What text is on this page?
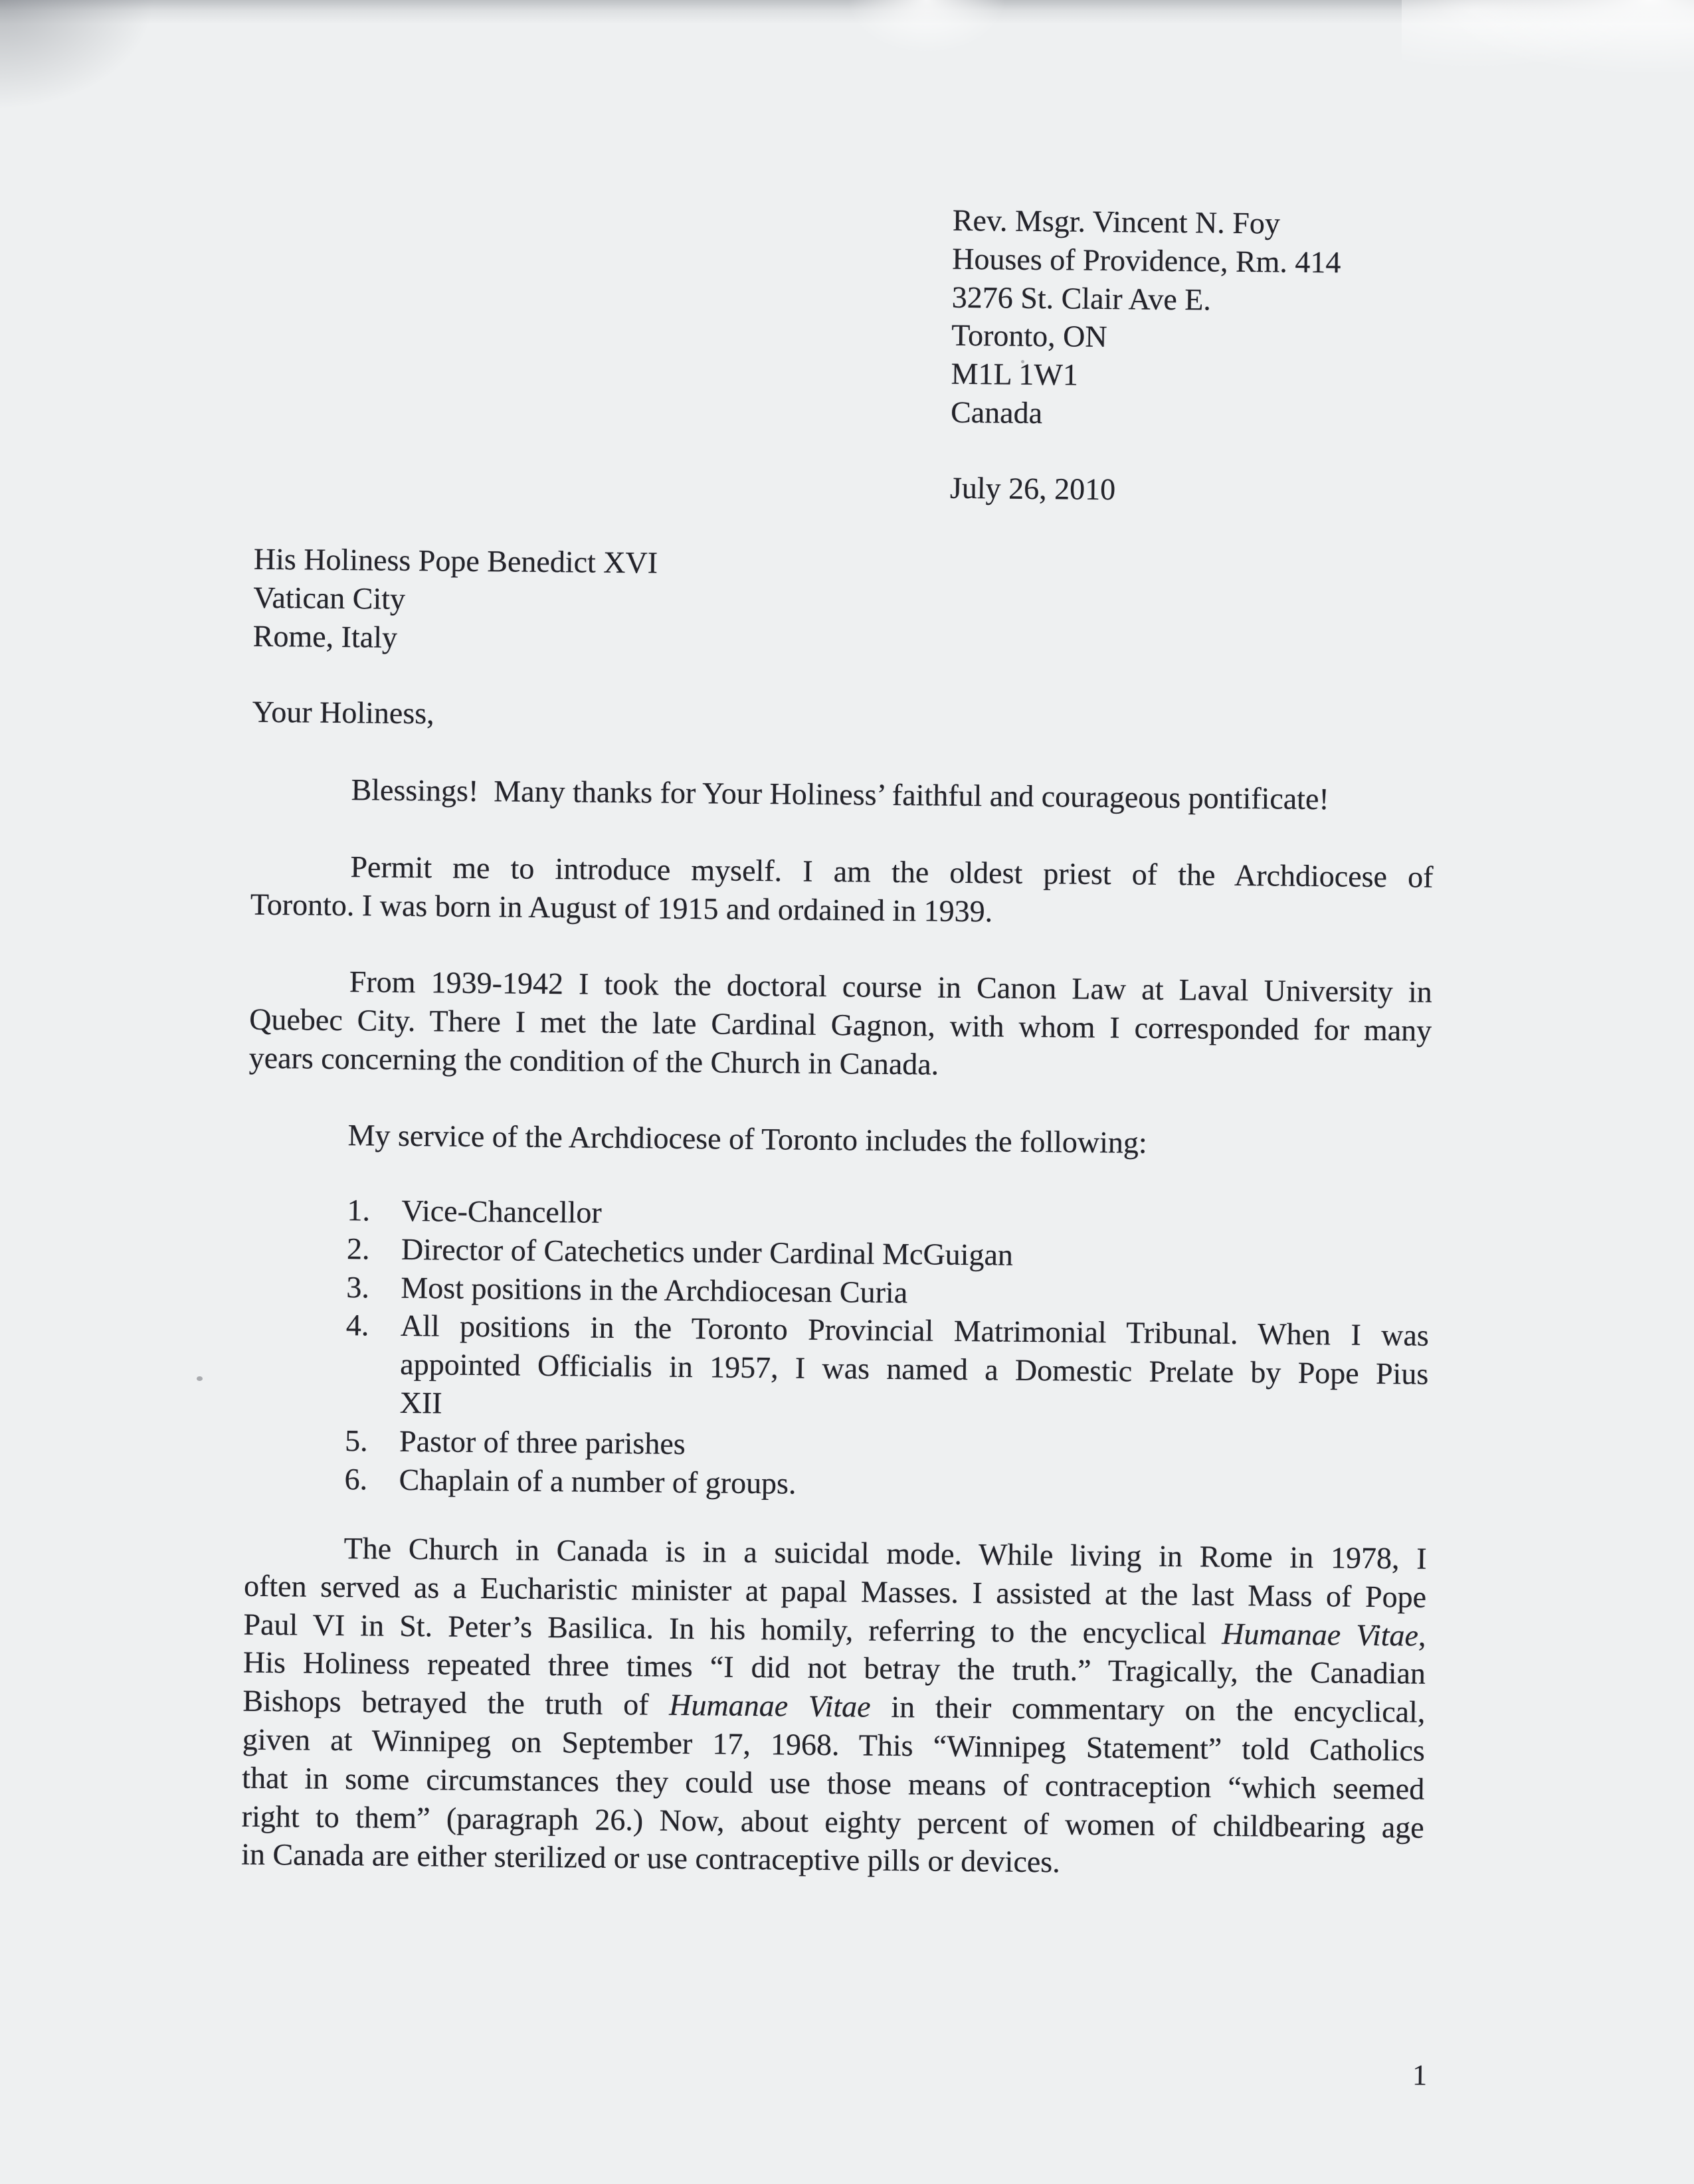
Rev. Msgr. Vincent N. Foy
Houses of Providence, Rm. 414
3276 St. Clair Ave E.
Toronto, ON
M1L 1W1
Canada
July 26, 2010
His Holiness Pope Benedict XVI
Vatican City
Rome, Italy
Your Holiness,
Blessings!  Many thanks for Your Holiness’ faithful and courageous pontificate!
Permit me to introduce myself. I am the oldest priest of the Archdiocese of
Toronto. I was born in August of 1915 and ordained in 1939.
From 1939-1942 I took the doctoral course in Canon Law at Laval University in
Quebec City. There I met the late Cardinal Gagnon, with whom I corresponded for many
years concerning the condition of the Church in Canada.
My service of the Archdiocese of Toronto includes the following:
1. Vice-Chancellor
2. Director of Catechetics under Cardinal McGuigan
3. Most positions in the Archdiocesan Curia
4. All positions in the Toronto Provincial Matrimonial Tribunal. When I was
appointed Officialis in 1957, I was named a Domestic Prelate by Pope Pius
XII
5. Pastor of three parishes
6. Chaplain of a number of groups.
The Church in Canada is in a suicidal mode. While living in Rome in 1978, I
often served as a Eucharistic minister at papal Masses. I assisted at the last Mass of Pope
Paul VI in St. Peter’s Basilica. In his homily, referring to the encyclical Humanae Vitae,
His Holiness repeated three times “I did not betray the truth.” Tragically, the Canadian
Bishops betrayed the truth of Humanae Vitae in their commentary on the encyclical,
given at Winnipeg on September 17, 1968. This “Winnipeg Statement” told Catholics
that in some circumstances they could use those means of contraception “which seemed
right to them” (paragraph 26.) Now, about eighty percent of women of childbearing age
in Canada are either sterilized or use contraceptive pills or devices.
1
